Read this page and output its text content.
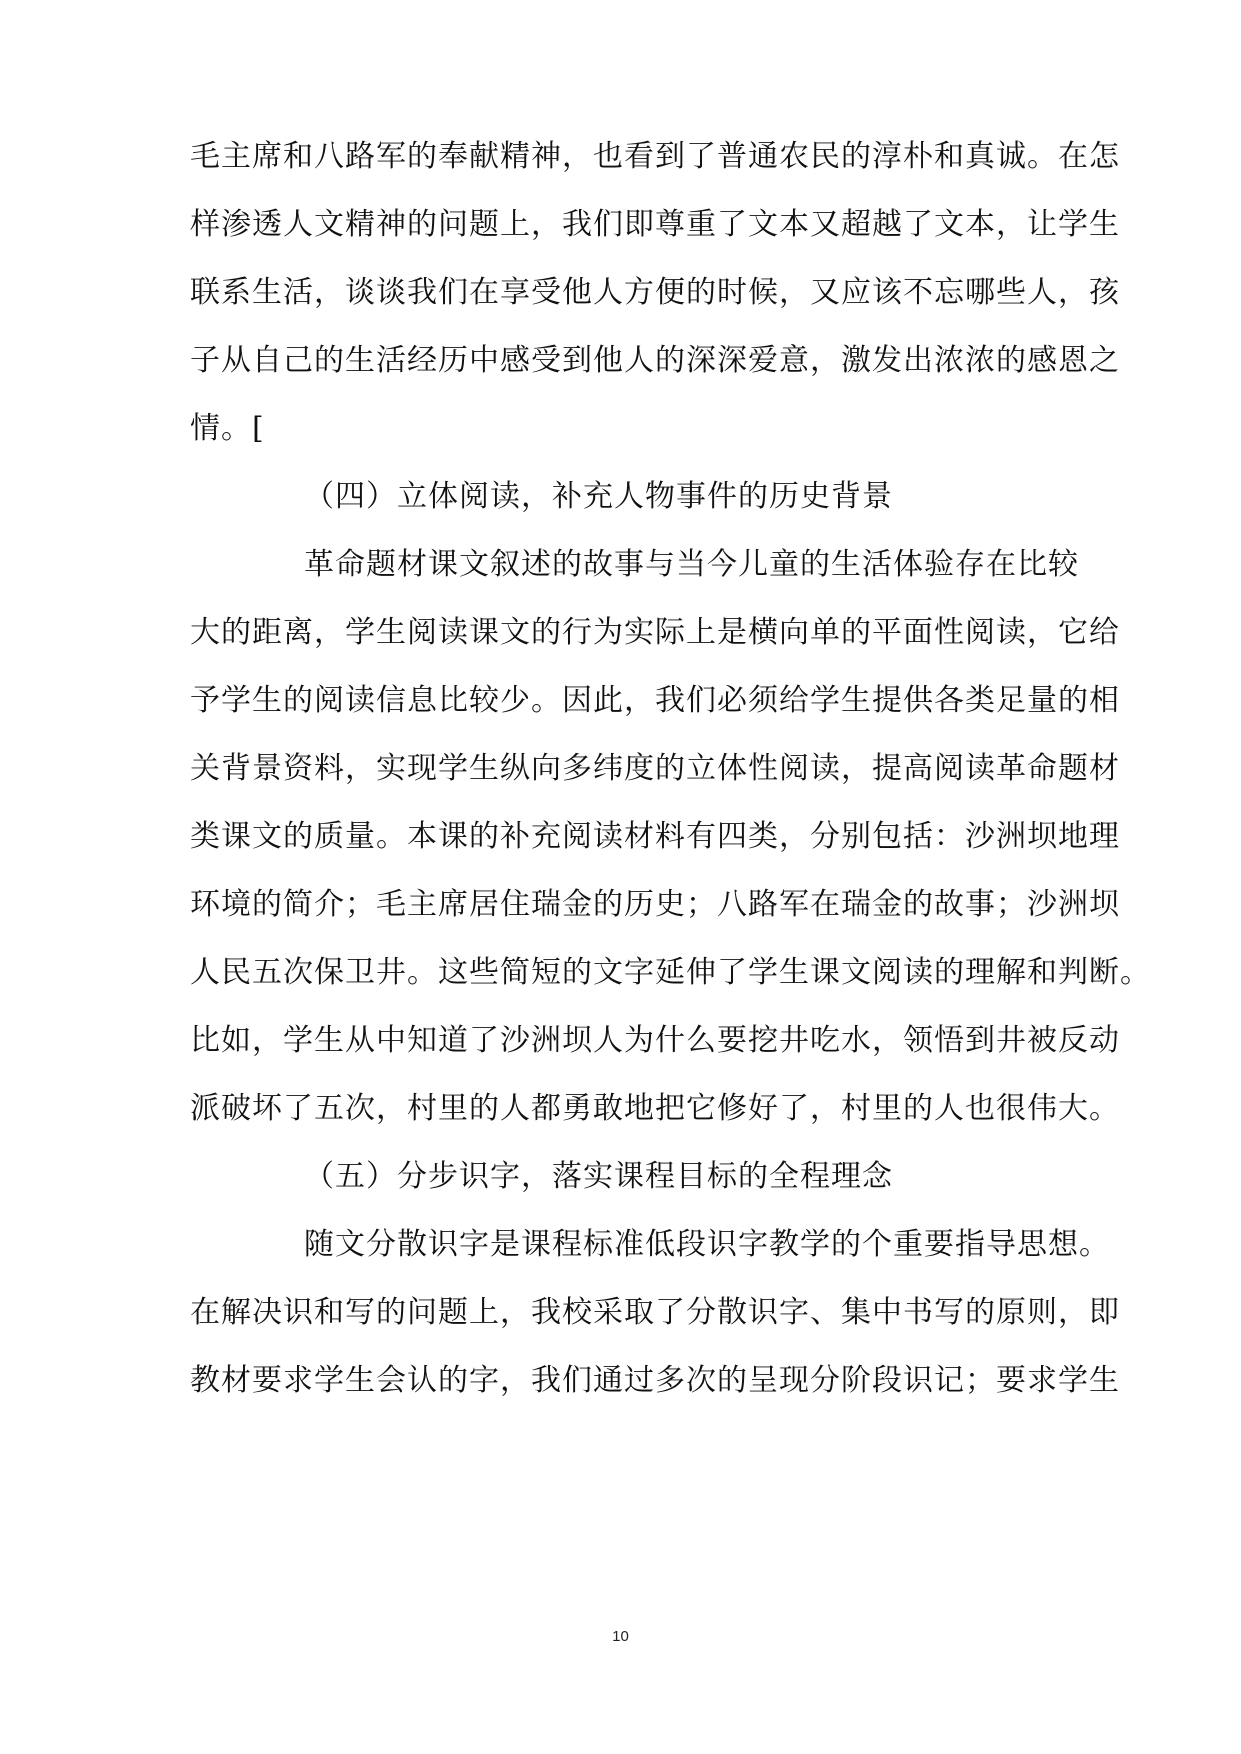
毛主席和八路军的奉献精神，也看到了普通农民的淳朴和真诚。在怎
样渗透人文精神的问题上，我们即尊重了文本又超越了文本，让学生
联系生活，谈谈我们在享受他人方便的时候，又应该不忘哪些人，孩
子从自己的生活经历中感受到他人的深深爱意，激发出浓浓的感恩之
情。[
（四）立体阅读，补充人物事件的历史背景
革命题材课文叙述的故事与当今儿童的生活体验存在比较
大的距离，学生阅读课文的行为实际上是横向单的平面性阅读，它给
予学生的阅读信息比较少。因此，我们必须给学生提供各类足量的相
关背景资料，实现学生纵向多纬度的立体性阅读，提高阅读革命题材
类课文的质量。本课的补充阅读材料有四类，分别包括：沙洲坝地理
环境的简介；毛主席居住瑞金的历史；八路军在瑞金的故事；沙洲坝
人民五次保卫井。这些简短的文字延伸了学生课文阅读的理解和判断。
比如，学生从中知道了沙洲坝人为什么要挖井吃水，领悟到井被反动
派破坏了五次，村里的人都勇敢地把它修好了，村里的人也很伟大。
（五）分步识字，落实课程目标的全程理念
随文分散识字是课程标准低段识字教学的个重要指导思想。
在解决识和写的问题上，我校采取了分散识字、集中书写的原则，即
教材要求学生会认的字，我们通过多次的呈现分阶段识记；要求学生
10
